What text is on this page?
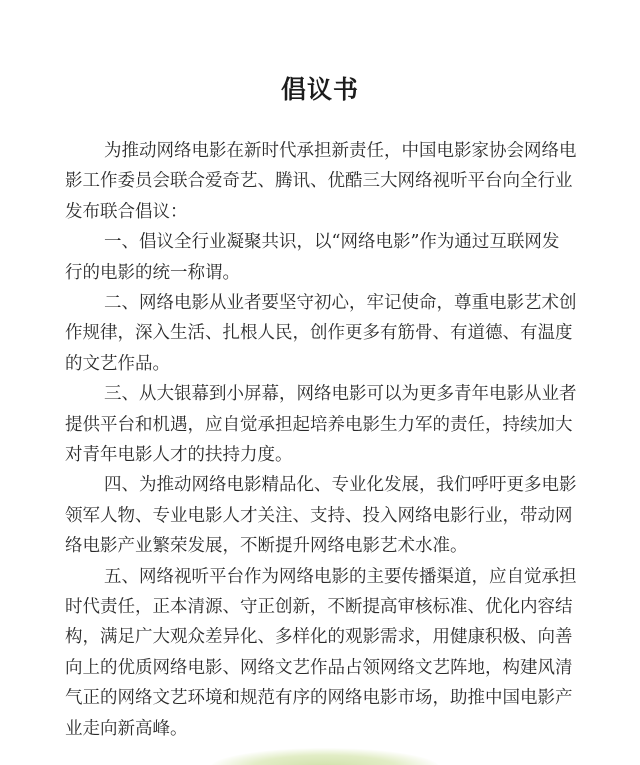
倡议书
为推动网络电影在新时代承担新责任，中国电影家协会网络电
影工作委员会联合爱奇艺、腾讯、优酷三大网络视听平台向全行业
发布联合倡议：
一、倡议全行业凝聚共识，以“网络电影”作为通过互联网发
行的电影的统一称谓。
二、网络电影从业者要坚守初心，牢记使命，尊重电影艺术创
作规律，深入生活、扎根人民，创作更多有筋骨、有道德、有温度
的文艺作品。
三、从大银幕到小屏幕，网络电影可以为更多青年电影从业者
提供平台和机遇，应自觉承担起培养电影生力军的责任，持续加大
对青年电影人才的扶持力度。
四、为推动网络电影精品化、专业化发展，我们呼吁更多电影
领军人物、专业电影人才关注、支持、投入网络电影行业，带动网
络电影产业繁荣发展，不断提升网络电影艺术水准。
五、网络视听平台作为网络电影的主要传播渠道，应自觉承担
时代责任，正本清源、守正创新，不断提高审核标准、优化内容结
构，满足广大观众差异化、多样化的观影需求，用健康积极、向善
向上的优质网络电影、网络文艺作品占领网络文艺阵地，构建风清
气正的网络文艺环境和规范有序的网络电影市场，助推中国电影产
业走向新高峰。
